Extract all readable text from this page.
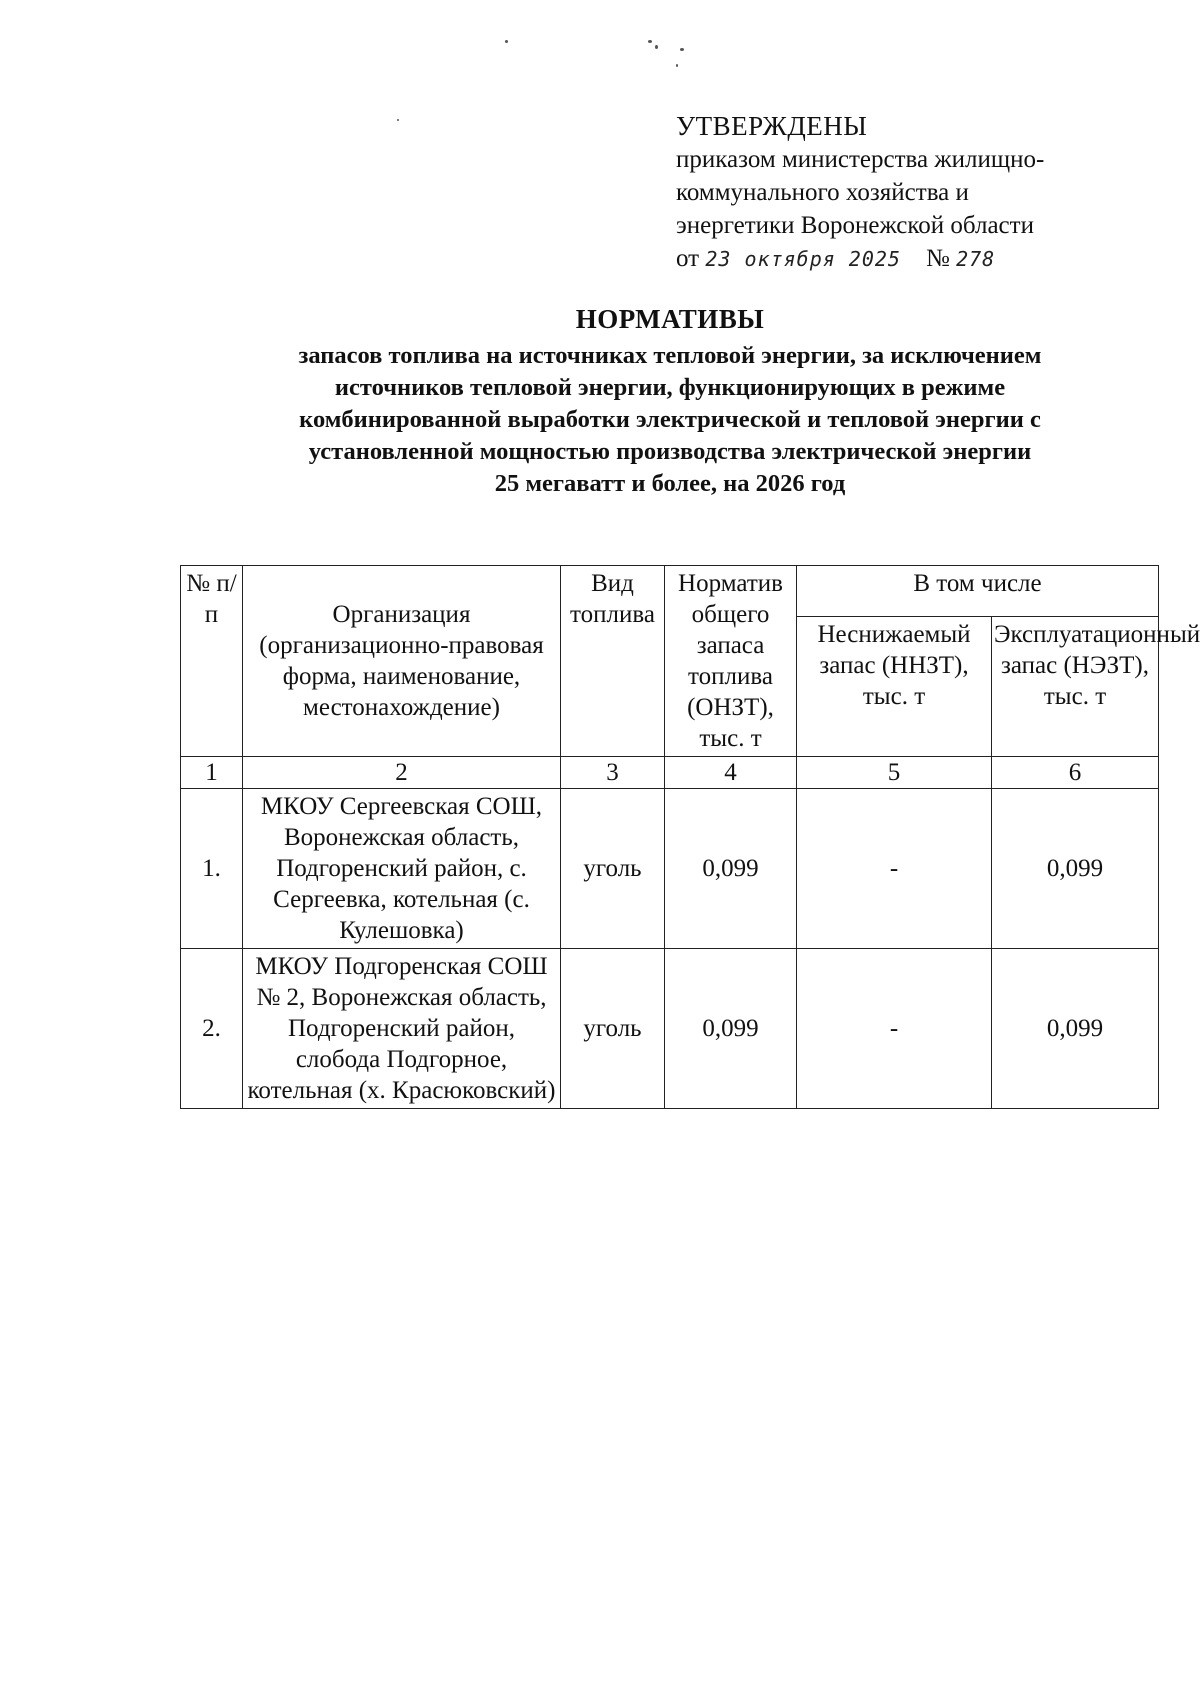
УТВЕРЖДЕНЫ
приказом министерства жилищно-
коммунального хозяйства и
энергетики Воронежской области
от 23 октября 2025 № 278
НОРМАТИВЫ
запасов топлива на источниках тепловой энергии, за исключением
источников тепловой энергии, функционирующих в режиме
комбинированной выработки электрической и тепловой энергии с
установленной мощностью производства электрической энергии
25 мегаватт и более, на 2026 год
№ п/п	Организация (организационно-правовая форма, наименование, местонахождение)	Вид топлива	Норматив общего запаса топлива (ОНЗТ), тыс. т	В том числе	
				Неснижаемый запас (ННЗТ), тыс. т	Эксплуатационный запас (НЭЗТ), тыс. т
1	2	3	4	5	6
1.	МКОУ Сергеевская СОШ, Воронежская область, Подгоренский район, с. Сергеевка, котельная (с. Кулешовка)	уголь	0,099	-	0,099
2.	МКОУ Подгоренская СОШ № 2, Воронежская область, Подгоренский район, слобода Подгорное, котельная (х. Красюковский)	уголь	0,099	-	0,099
